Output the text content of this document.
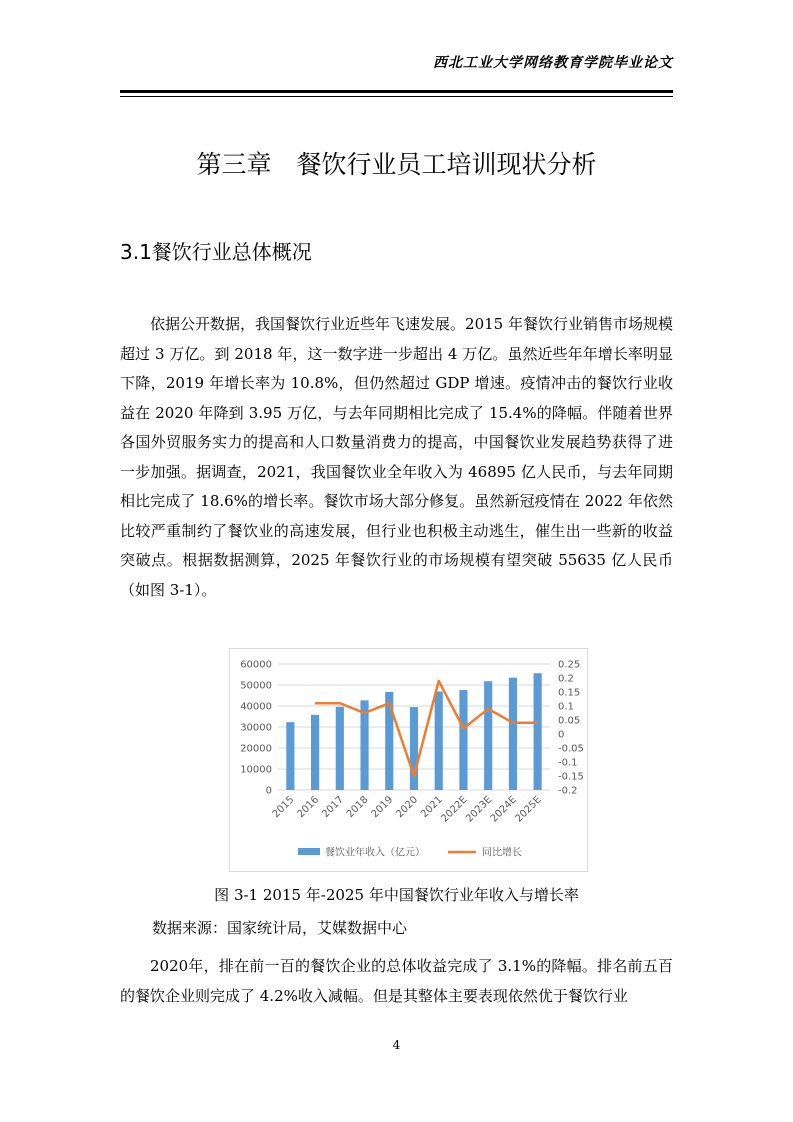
西北工业大学网络教育学院毕业论文
第三章　餐饮行业员工培训现状分析
3.1餐饮行业总体概况

依据公开数据，我国餐饮行业近些年飞速发展。2015 年餐饮行业销售市场规模超过 3 万亿。到 2018 年，这一数字进一步超出 4 万亿。虽然近些年年增长率明显下降，2019 年增长率为 10.8%，但仍然超过 GDP 增速。疫情冲击的餐饮行业收益在 2020 年降到 3.95 万亿，与去年同期相比完成了 15.4%的降幅。伴随着世界各国外贸服务实力的提高和人口数量消费力的提高，中国餐饮业发展趋势获得了进一步加强。据调查，2021，我国餐饮业全年收入为 46895 亿人民币，与去年同期相比完成了 18.6%的增长率。餐饮市场大部分修复。虽然新冠疫情在 2022 年依然比较严重制约了餐饮业的高速发展，但行业也积极主动逃生，催生出一些新的收益突破点。根据数据测算，2025 年餐饮行业的市场规模有望突破 55635 亿人民币（如图 3-1）。

60000
50000
40000
30000
20000
10000
0
0.25
0.2
0.15
0.1
0.05
0
-0.05
-0.1
-0.15
-0.2
2015
2016
2017
2018
2019
2020
2021
2022E
2023E
2024E
2025E
餐饮业年收入（亿元）	同比增长
图 3-1 2015 年-2025 年中国餐饮行业年收入与增长率
数据来源：国家统计局，艾媒数据中心

2020年，排在前一百的餐饮企业的总体收益完成了 3.1%的降幅。排名前五百的餐饮企业则完成了 4.2%收入减幅。但是其整体主要表现依然优于餐饮行业

4
